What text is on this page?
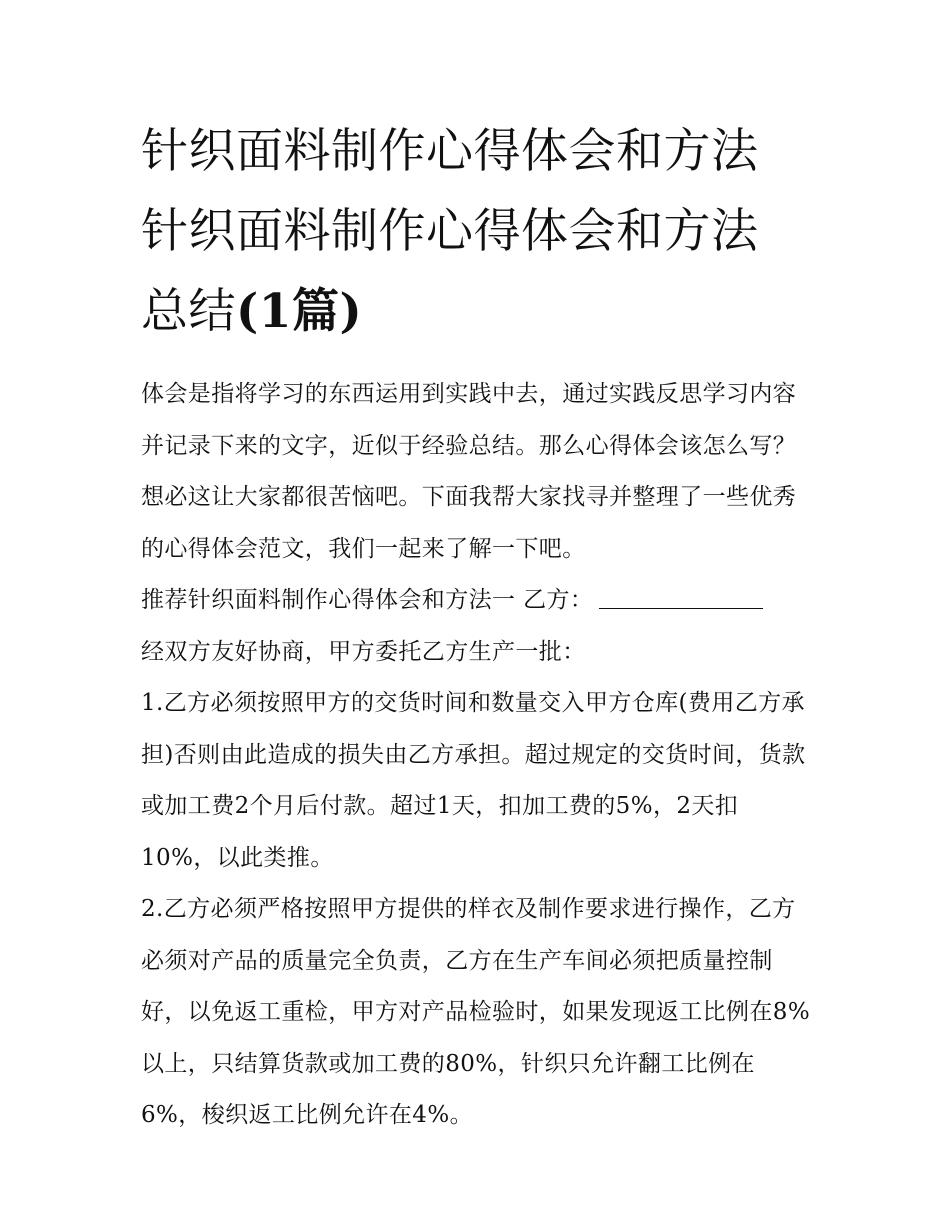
针织面料制作心得体会和方法
针织面料制作心得体会和方法
总结(1篇)

体会是指将学习的东西运用到实践中去，通过实践反思学习内容并记录下来的文字，近似于经验总结。那么心得体会该怎么写？想必这让大家都很苦恼吧。下面我帮大家找寻并整理了一些优秀的心得体会范文，我们一起来了解一下吧。

推荐针织面料制作心得体会和方法一 乙方：

经双方友好协商，甲方委托乙方生产一批：

1.乙方必须按照甲方的交货时间和数量交入甲方仓库(费用乙方承担)否则由此造成的损失由乙方承担。超过规定的交货时间，货款或加工费2个月后付款。超过1天，扣加工费的5%，2天扣10%，以此类推。

2.乙方必须严格按照甲方提供的样衣及制作要求进行操作，乙方必须对产品的质量完全负责，乙方在生产车间必须把质量控制好，以免返工重检，甲方对产品检验时，如果发现返工比例在8%以上，只结算货款或加工费的80%，针织只允许翻工比例在6%，梭织返工比例允许在4%。
